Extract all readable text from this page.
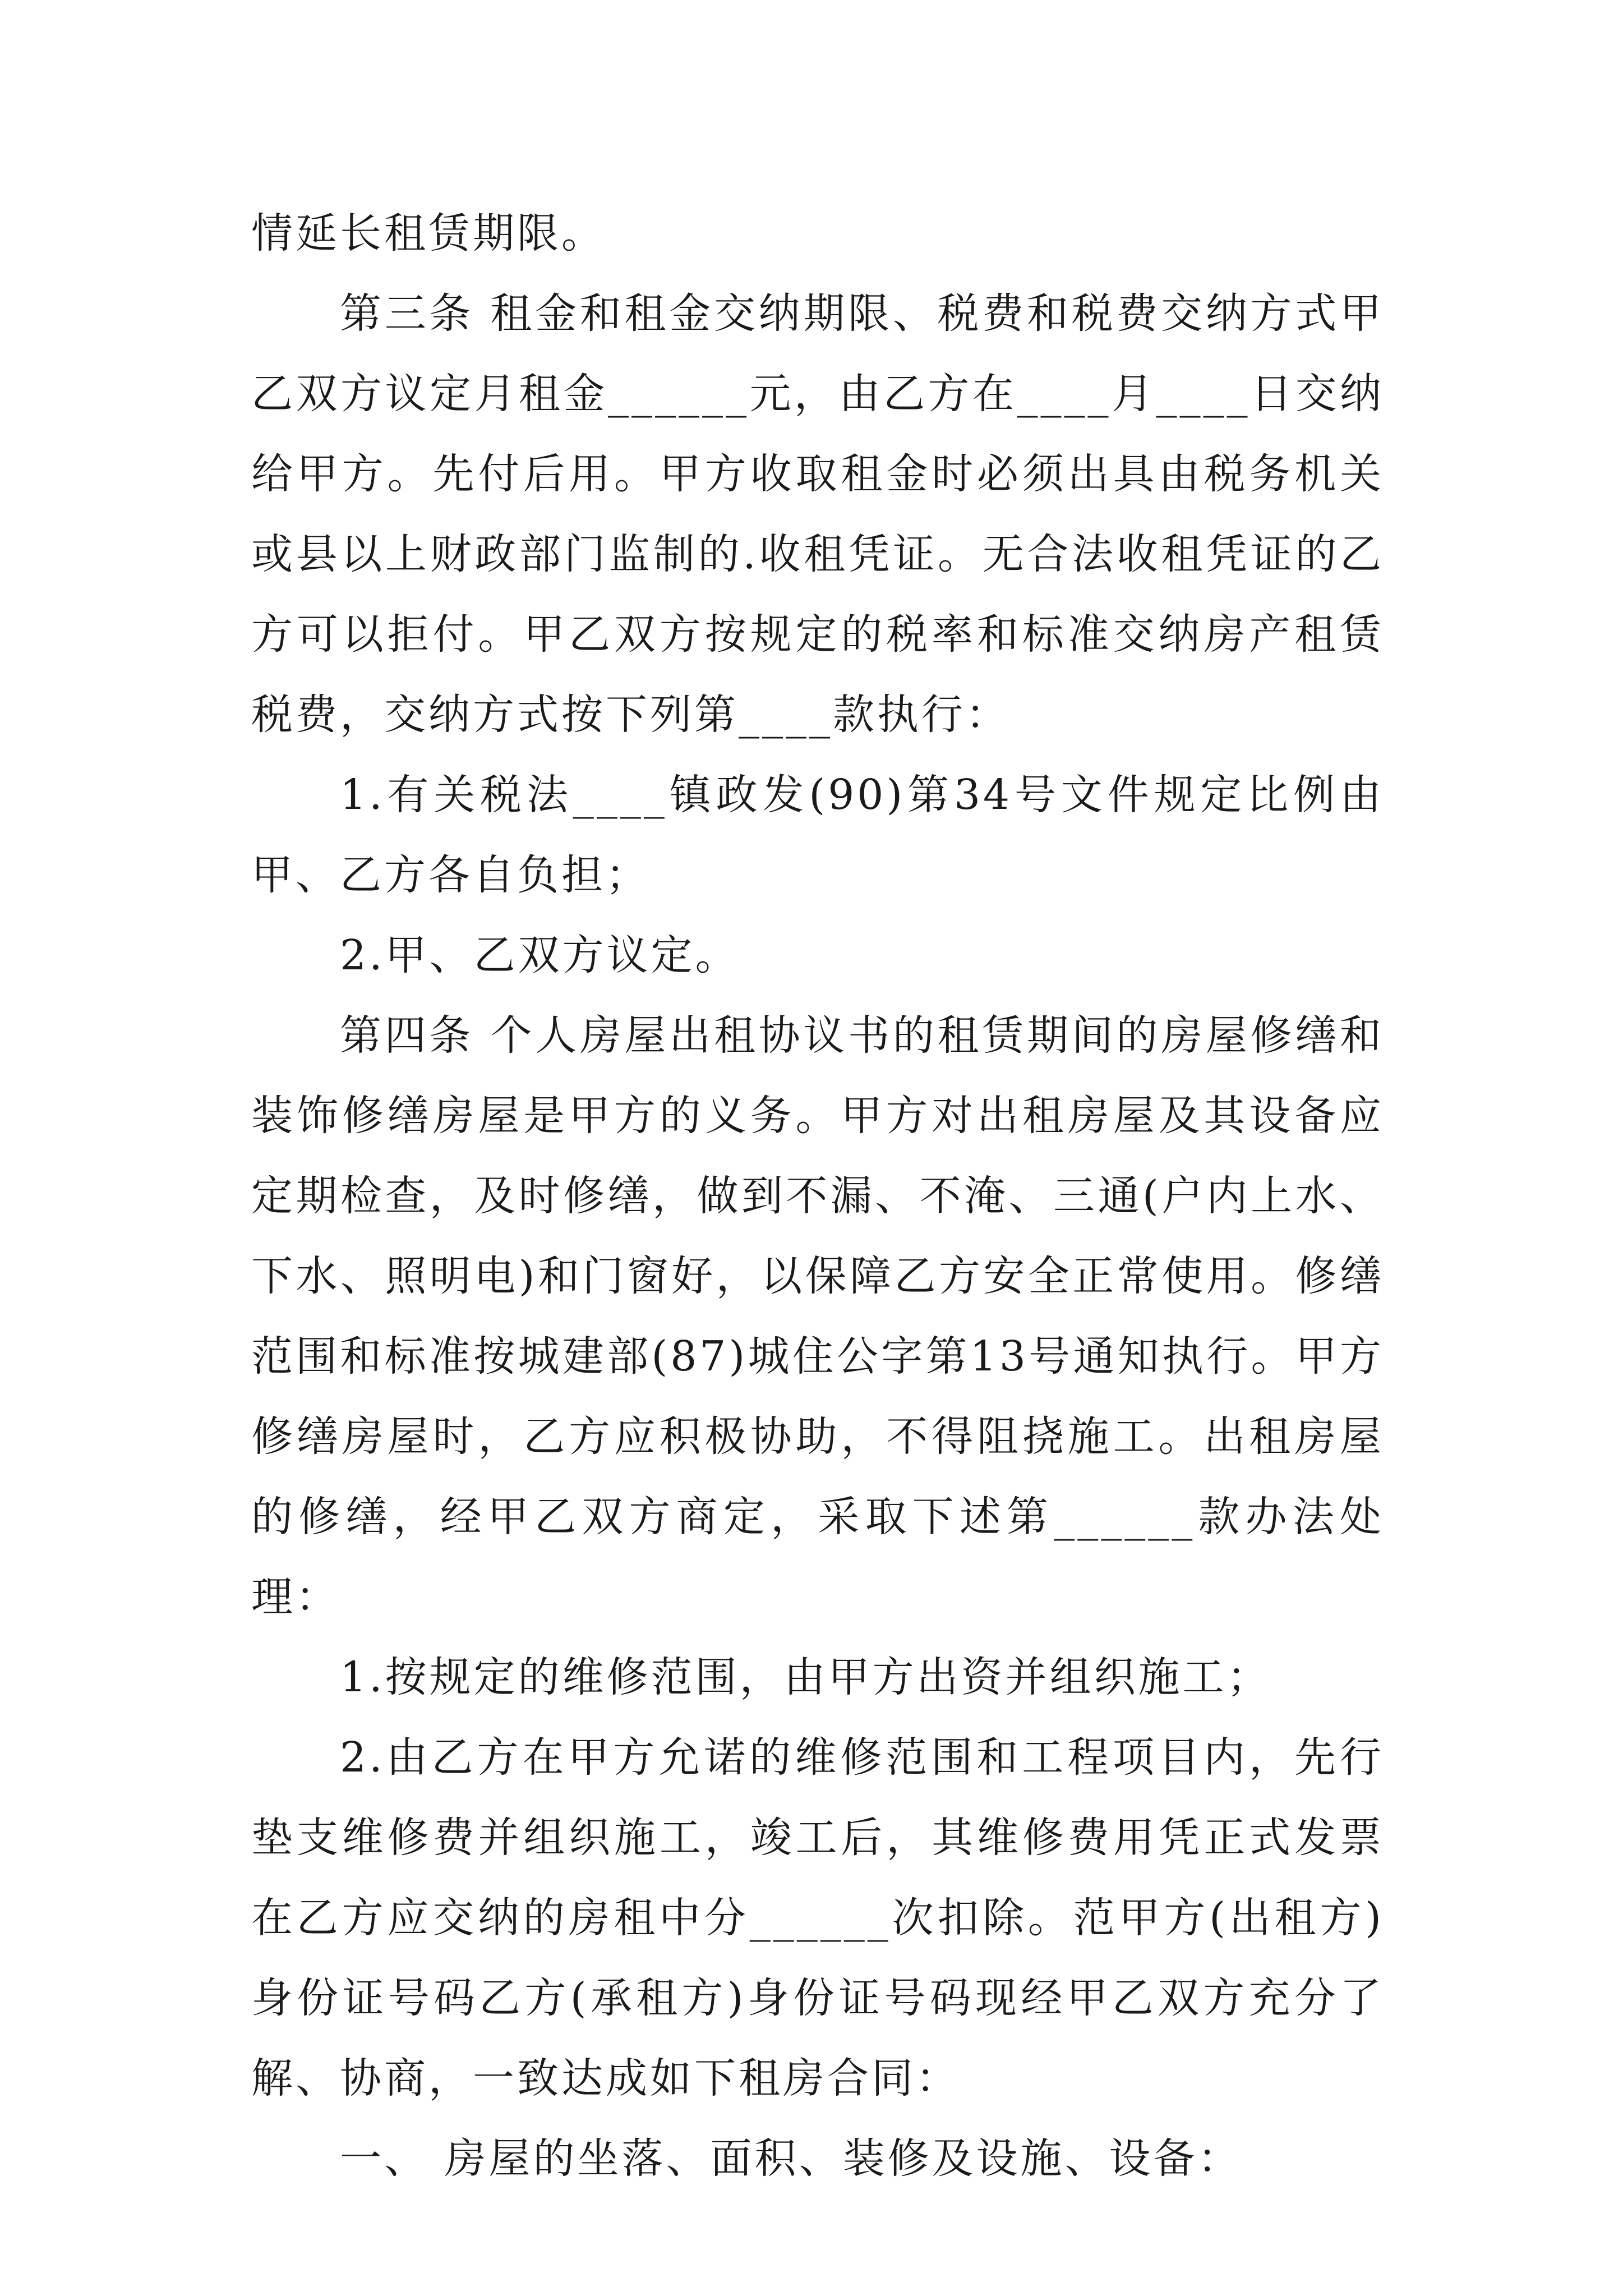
情延长租赁期限。

第三条 租金和租金交纳期限、税费和税费交纳方式甲乙双方议定月租金______元，由乙方在____月____日交纳给甲方。先付后用。甲方收取租金时必须出具由税务机关或县以上财政部门监制的.收租凭证。无合法收租凭证的乙方可以拒付。甲乙双方按规定的税率和标准交纳房产租赁税费，交纳方式按下列第____款执行：

1.有关税法____镇政发(90)第34号文件规定比例由甲、乙方各自负担；

2.甲、乙双方议定。

第四条 个人房屋出租协议书的租赁期间的房屋修缮和装饰修缮房屋是甲方的义务。甲方对出租房屋及其设备应定期检查，及时修缮，做到不漏、不淹、三通(户内上水、下水、照明电)和门窗好，以保障乙方安全正常使用。修缮范围和标准按城建部(87)城住公字第13号通知执行。甲方修缮房屋时，乙方应积极协助，不得阻挠施工。出租房屋的修缮，经甲乙双方商定，采取下述第______款办法处理：

1.按规定的维修范围，由甲方出资并组织施工；

2.由乙方在甲方允诺的维修范围和工程项目内，先行垫支维修费并组织施工，竣工后，其维修费用凭正式发票在乙方应交纳的房租中分______次扣除。范甲方(出租方)身份证号码乙方(承租方)身份证号码现经甲乙双方充分了解、协商，一致达成如下租房合同：

一、 房屋的坐落、面积、装修及设施、设备：
